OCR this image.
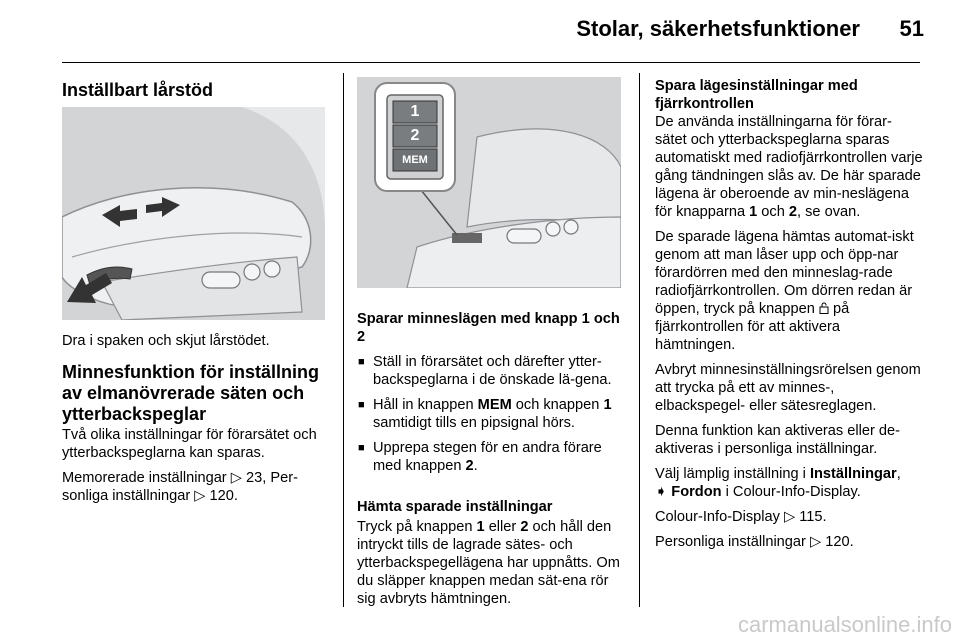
Stolar, säkerhetsfunktioner 51
Inställbart lårstöd

Dra i spaken och skjut lårstödet.

Minnesfunktion för inställning av elmanövrerade säten och ytterbackspeglar

Två olika inställningar för förarsätet och ytterbackspeglarna kan sparas.

Memorerade inställningar ▷ 23, Per-sonliga inställningar ▷ 120.

1
2
MEM

Sparar minneslägen med knapp 1 och 2

■ Ställ in förarsätet och därefter ytter-backspeglarna i de önskade lä-gena.
■ Håll in knappen MEM och knappen 1 samtidigt tills en pipsignal hörs.
■ Upprepa stegen för en andra förare med knappen 2.

Hämta sparade inställningar

Tryck på knappen 1 eller 2 och håll den intryckt tills de lagrade sätes- och ytterbackspegellägena har uppnåtts. Om du släpper knappen medan sät-ena rör sig avbryts hämtningen.

Spara lägesinställningar med fjärrkontrollen

De använda inställningarna för förar-sätet och ytterbackspeglarna sparas automatiskt med radiofjärrkontrollen varje gång tändningen slås av. De här sparade lägena är oberoende av min-neslägena för knapparna 1 och 2, se ovan.

De sparade lägena hämtas automat-iskt genom att man låser upp och öpp-nar förardörren med den minneslag-rade radiofjärrkontrollen. Om dörren redan är öppen, tryck på knappen på fjärrkontrollen för att aktivera hämtningen.

Avbryt minnesinställningsrörelsen genom att trycka på ett av minnes-, elbackspegel- eller sätesreglagen.

Denna funktion kan aktiveras eller de-aktiveras i personliga inställningar.

Välj lämplig inställning i Inställningar,
➧ Fordon i Colour-Info-Display.

Colour-Info-Display ▷ 115.

Personliga inställningar ▷ 120.

carmanualsonline.info
